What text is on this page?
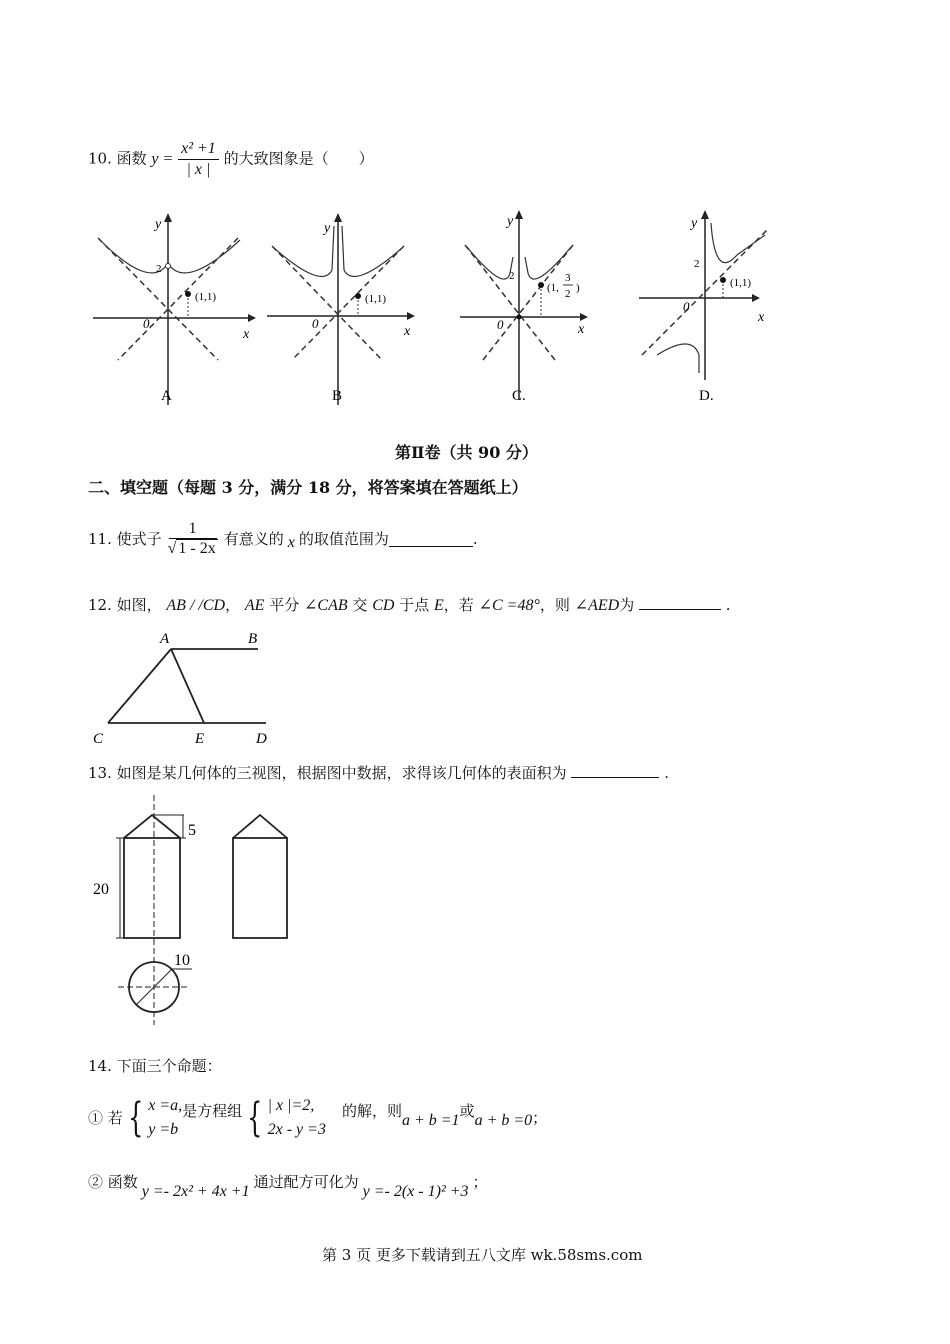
10. 函数 $y = \frac{\text{x² +1}}{| x |}$ 的大致图象是（　　）
y
x
0
2
(1,1)
A
y
x
0
(1,1)
B
y
x
0
2
(1,
3
2 )
C.
y
x
0
2
(1,1)
D.
第Ⅱ卷（共 90 分）
二、填空题（每题 3 分，满分 18 分，将答案填在答题纸上）
11. 使式子 $\frac{1}{√ 1 - 2x}$ 有意义的 x 的取值范围为	.
12. 如图， AB / /CD， AE 平分 ∠CAB 交 CD 于点 E，若 ∠C =48°，则 ∠AED为	.
A	B
C	E	D
13. 如图是某几何体的三视图，根据图中数据，求得该几何体的表面积为	.
5
20
10
14. 下面三个命题：
① 若 { x =a,
y =b
是方程组 { | x |=2,
2x - y =3
的解，则
a + b =1
或
a + b =0 ；
② 函数
y =- 2x² + 4x +1
通过配方可化为
y =- 2(x - 1)² +3
；
第 3 页 更多下载请到五八文库 wk.58sms.com
